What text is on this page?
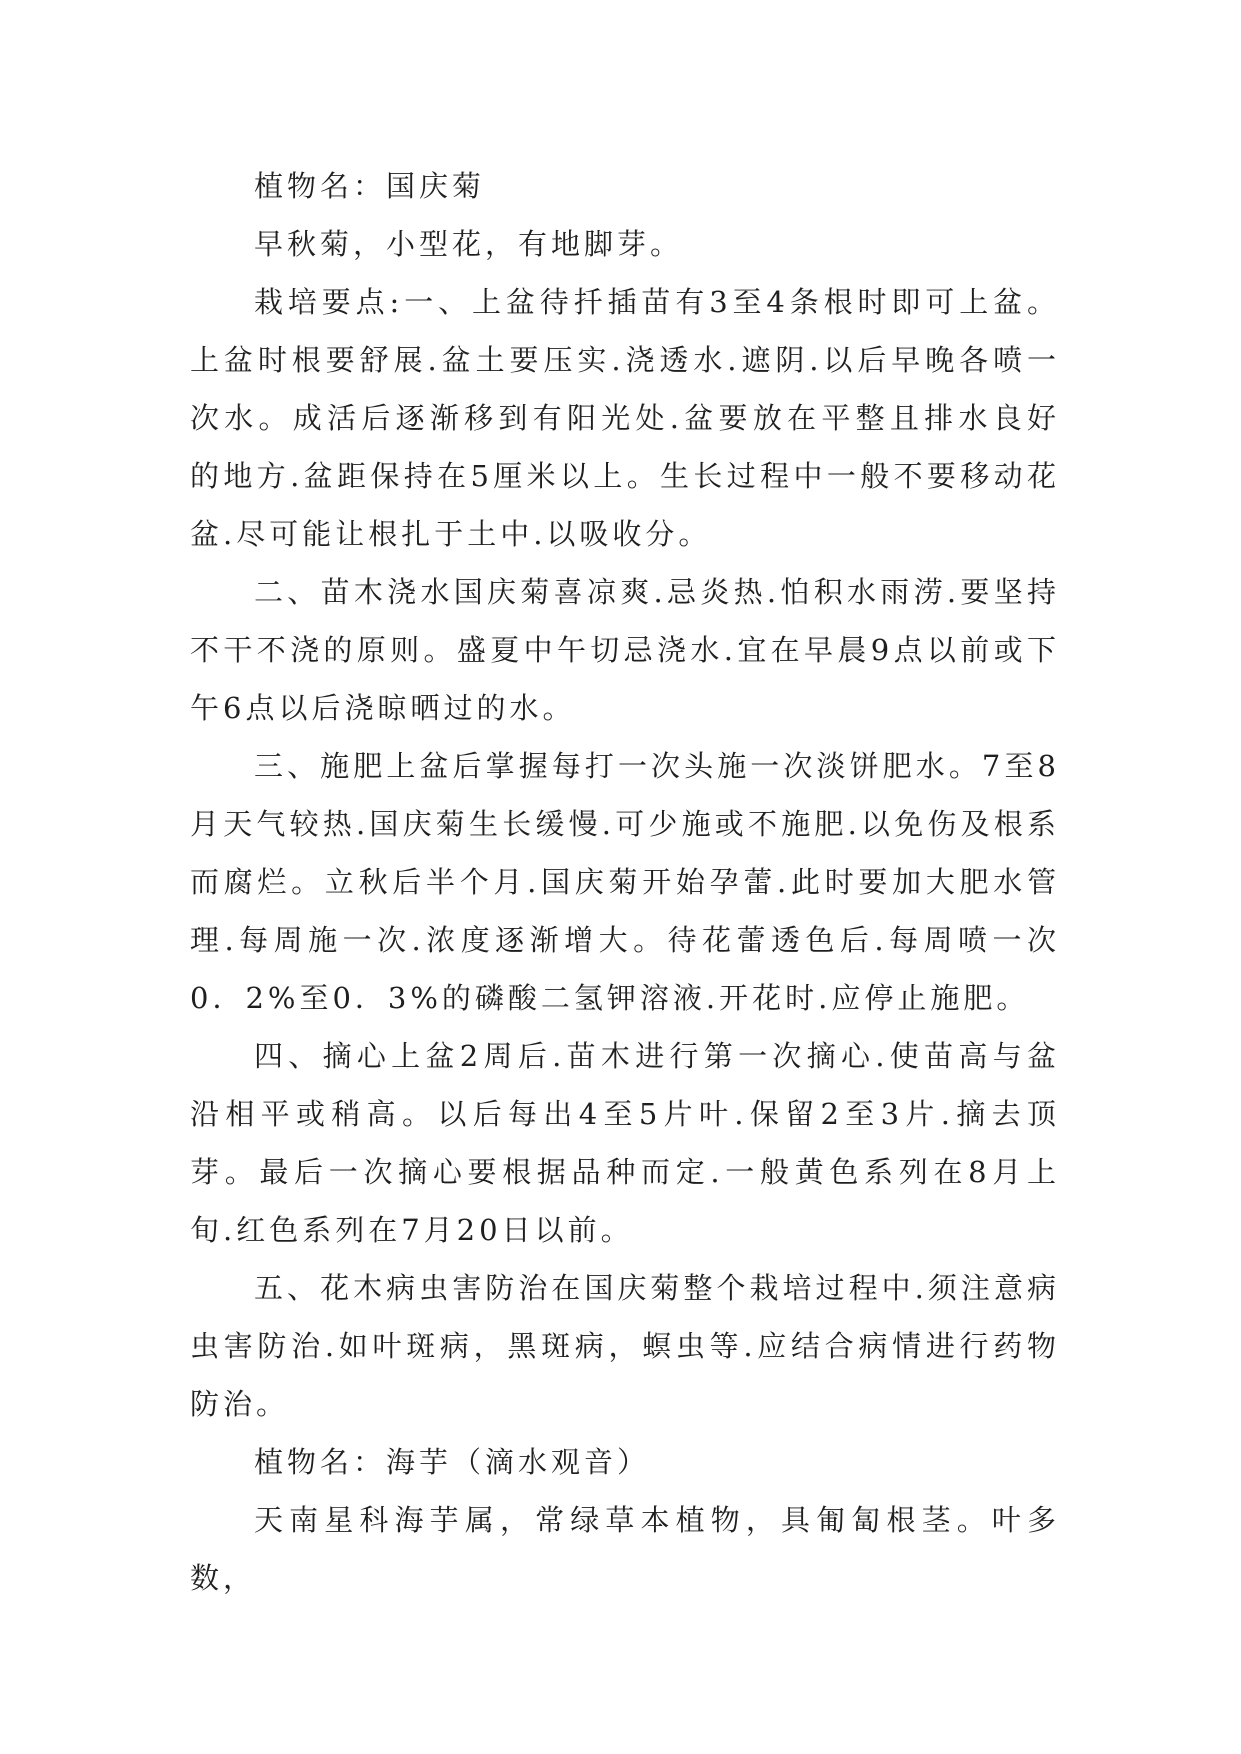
植物名：国庆菊

早秋菊，小型花，有地脚芽。

栽培要点:一、上盆待扦插苗有3至4条根时即可上盆。上盆时根要舒展.盆土要压实.浇透水.遮阴.以后早晚各喷一次水。成活后逐渐移到有阳光处.盆要放在平整且排水良好的地方.盆距保持在5厘米以上。生长过程中一般不要移动花盆.尽可能让根扎于土中.以吸收分。

二、苗木浇水国庆菊喜凉爽.忌炎热.怕积水雨涝.要坚持不干不浇的原则。盛夏中午切忌浇水.宜在早晨9点以前或下午6点以后浇晾晒过的水。

三、施肥上盆后掌握每打一次头施一次淡饼肥水。7至8月天气较热.国庆菊生长缓慢.可少施或不施肥.以免伤及根系而腐烂。立秋后半个月.国庆菊开始孕蕾.此时要加大肥水管理.每周施一次.浓度逐渐增大。待花蕾透色后.每周喷一次0．2%至0．3%的磷酸二氢钾溶液.开花时.应停止施肥。

四、摘心上盆2周后.苗木进行第一次摘心.使苗高与盆沿相平或稍高。以后每出4至5片叶.保留2至3片.摘去顶芽。最后一次摘心要根据品种而定.一般黄色系列在8月上旬.红色系列在7月20日以前。

五、花木病虫害防治在国庆菊整个栽培过程中.须注意病虫害防治.如叶斑病，黑斑病，螟虫等.应结合病情进行药物防治。

植物名：海芋（滴水观音）

天南星科海芋属，常绿草本植物，具匍匐根茎。叶多数，
